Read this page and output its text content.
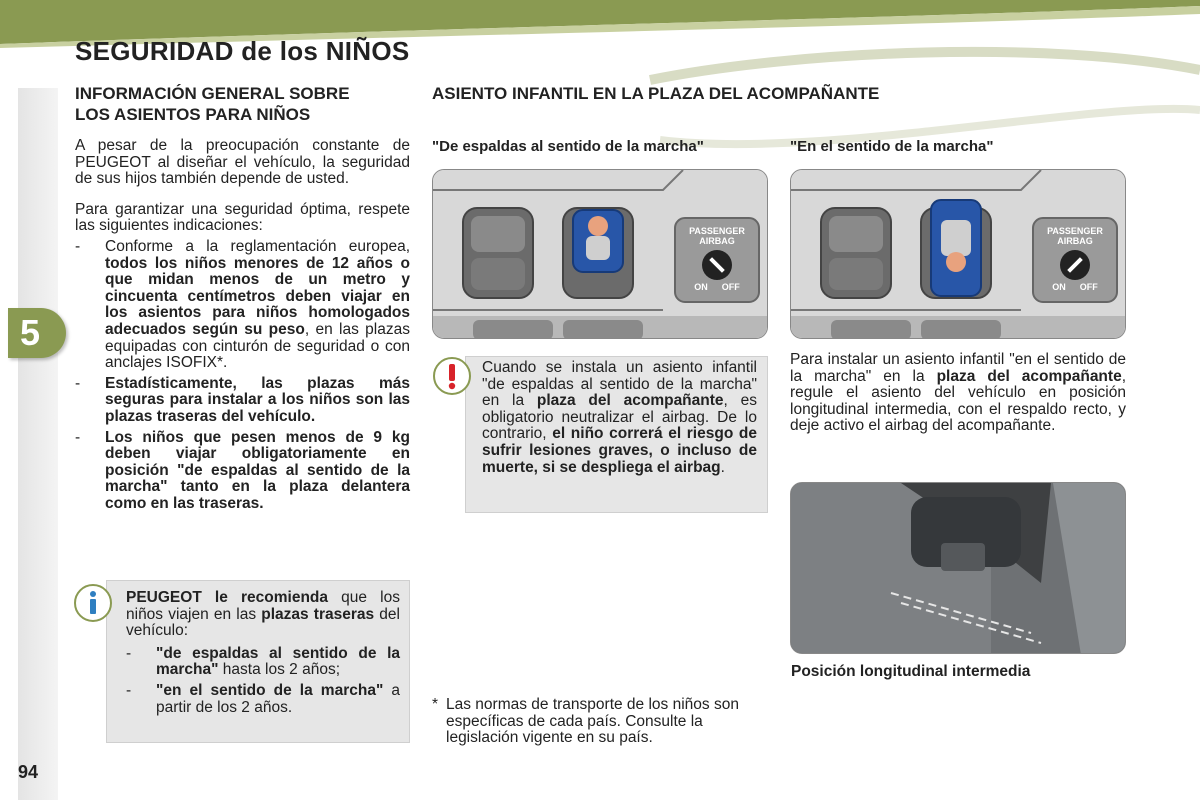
SEGURIDAD de los NIÑOS
5
94
INFORMACIÓN GENERAL SOBRE
LOS ASIENTOS PARA NIÑOS

A pesar de la preocupación constante de PEUGEOT al diseñar el vehículo, la seguridad de sus hijos también depende de usted.

Para garantizar una seguridad óptima, respete las siguientes indicaciones:

-	Conforme a la reglamentación europea, todos los niños menores de 12 años o que midan menos de un metro y cincuenta centímetros deben viajar en los asientos para niños homologados adecuados según su peso, en las plazas equipadas con cinturón de seguridad o con anclajes ISOFIX*.
-	Estadísticamente, las plazas más seguras para instalar a los niños son las plazas traseras del vehículo.
-	Los niños que pesen menos de 9 kg deben viajar obligatoriamente en posición "de espaldas al sentido de la marcha" tanto en la plaza delantera como en las traseras.
PEUGEOT le recomienda que los niños viajen en las plazas traseras del vehículo:
-	"de espaldas al sentido de la marcha" hasta los 2 años;
-	"en el sentido de la marcha" a partir de los 2 años.
ASIENTO INFANTIL EN LA PLAZA DEL ACOMPAÑANTE
"De espaldas al sentido de la marcha"	"En el sentido de la marcha"
PASSENGER
AIRBAG
ON OFF
PASSENGER
AIRBAG
ON OFF
Cuando se instala un asiento infantil "de espaldas al sentido de la marcha" en la plaza del acompañante, es obligatorio neutralizar el airbag. De lo contrario, el niño correrá el riesgo de sufrir lesiones graves, o incluso de muerte, si se despliega el airbag.
Para instalar un asiento infantil "en el sentido de la marcha" en la plaza del acompañante, regule el asiento del vehículo en posición longitudinal intermedia, con el respaldo recto, y deje activo el airbag del acompañante.
Posición longitudinal intermedia
* Las normas de transporte de los niños son específicas de cada país. Consulte la legislación vigente en su país.
